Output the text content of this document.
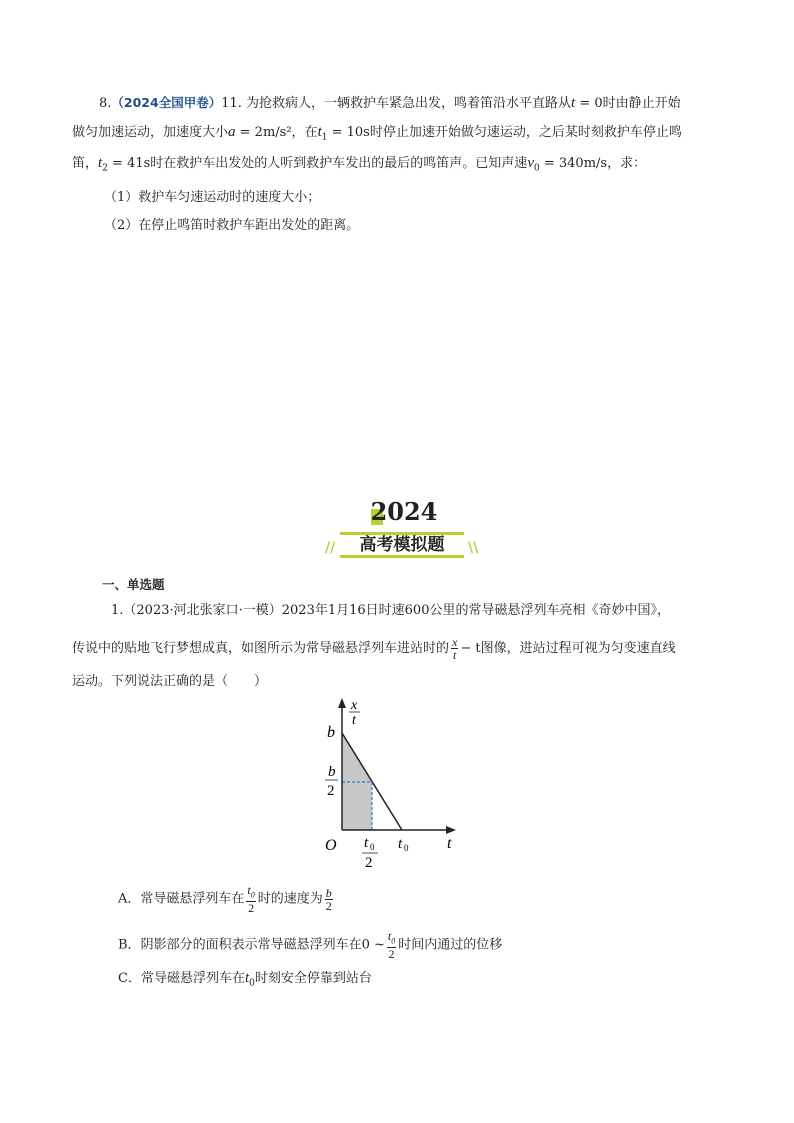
8.（2024全国甲卷）11. 为抢救病人，一辆救护车紧急出发，鸣着笛沿水平直路从t = 0时由静止开始
做匀加速运动，加速度大小a = 2m/s²，在$t_1 = 10s$时停止加速开始做匀速运动，之后某时刻救护车停止鸣
笛，$t_2 = 41s$时在救护车出发处的人听到救护车发出的最后的鸣笛声。已知声速$v_0 = 340m/s$，求：
（1）救护车匀速运动时的速度大小；
（2）在停止鸣笛时救护车距出发处的距离。
2024
//	高考模拟题	\\
一、单选题
1.（2023·河北张家口·一模）2023年1月16日时速600公里的常导磁悬浮列车亮相《奇妙中国》，
传说中的贴地飞行梦想成真，如图所示为常导磁悬浮列车进站时的 $\frac{x}{t} - t$图像，进站过程可视为匀变速直线
运动。下列说法正确的是（　　）
x
t
b
b
2
O t 0
2
t 0 t
A．常导磁悬浮列车在 $\frac{t_0}{2}$ 时的速度为 $\frac{b}{2}$
B．阴影部分的面积表示常导磁悬浮列车在0 ~ $\frac{t_0}{2}$ 时间内通过的位移
C．常导磁悬浮列车在$t_0$时刻安全停靠到站台
